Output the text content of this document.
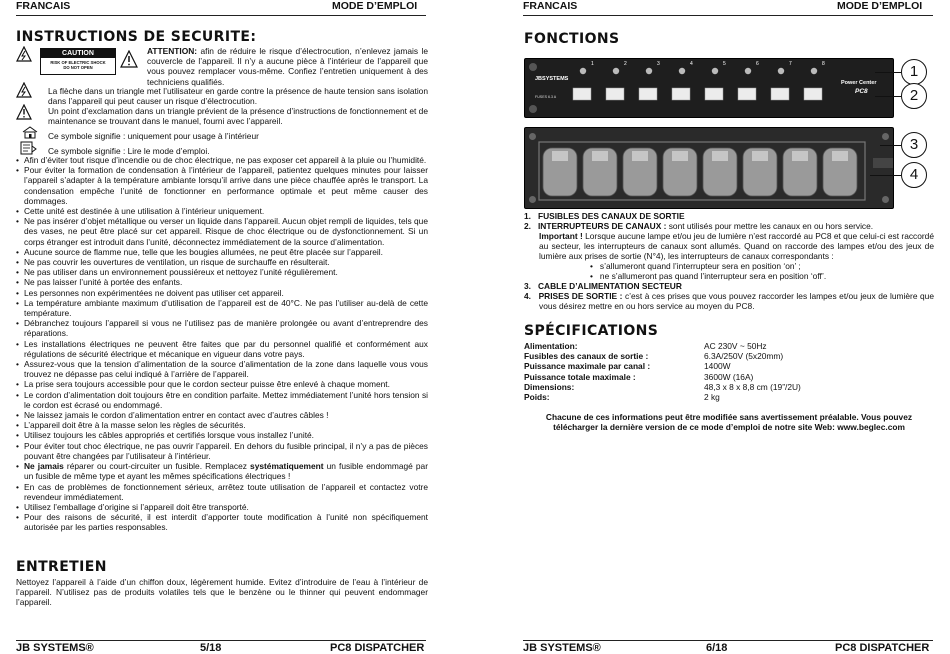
FRANCAIS	MODE D’EMPLOI
INSTRUCTIONS DE SECURITE:
CAUTION
RISK OF ELECTRIC SHOCK
DO NOT OPEN
ATTENTION: afin de réduire le risque d’électrocution, n’enlevez jamais le couvercle de l’appareil. Il n’y a aucune pièce à l’intérieur de l’appareil que vous pouvez remplacer vous-même. Confiez l’entretien uniquement à des techniciens qualifiés.
La flèche dans un triangle met l’utilisateur en garde contre la présence de haute tension sans isolation dans l’appareil qui peut causer un risque d’électrocution.
Un point d’exclamation dans un triangle prévient de la présence d’instructions de fonctionnement et de maintenance se trouvant dans le manuel, fourni avec l’appareil.
Ce symbole signifie : uniquement pour usage à l’intérieur
Ce symbole signifie : Lire le mode d’emploi.
• Afin d’éviter tout risque d’incendie ou de choc électrique, ne pas exposer cet appareil à la pluie ou l’humidité.
• Pour éviter la formation de condensation à l’intérieur de l’appareil, patientez quelques minutes pour laisser l’appareil s’adapter à la température ambiante lorsqu’il arrive dans une pièce chauffée après le transport. La condensation empêche l’unité de fonctionner en performance optimale et peut même causer des dommages.
• Cette unité est destinée à une utilisation à l’intérieur uniquement.
• Ne pas insérer d’objet métallique ou verser un liquide dans l’appareil. Aucun objet rempli de liquides, tels que des vases, ne peut être placé sur cet appareil. Risque de choc électrique ou de dysfonctionnement. Si un corps étranger est introduit dans l’unité, déconnectez immédiatement de la source d’alimentation.
• Aucune source de flamme nue, telle que les bougies allumées, ne peut être placée sur l’appareil.
• Ne pas couvrir les ouvertures de ventilation, un risque de surchauffe en résulterait.
• Ne pas utiliser dans un environnement poussiéreux et nettoyez l’unité régulièrement.
• Ne pas laisser l’unité à portée des enfants.
• Les personnes non expérimentées ne doivent pas utiliser cet appareil.
• La température ambiante maximum d’utilisation de l’appareil est de 40°C. Ne pas l’utiliser au-delà de cette température.
• Débranchez toujours l’appareil si vous ne l’utilisez pas de manière prolongée ou avant d’entreprendre des réparations.
• Les installations électriques ne peuvent être faites que par du personnel qualifié et conformément aux régulations de sécurité électrique et mécanique en vigueur dans votre pays.
• Assurez-vous que la tension d’alimentation de la source d’alimentation de la zone dans laquelle vous vous trouvez ne dépasse pas celui indiqué à l’arrière de l’appareil.
• La prise sera toujours accessible pour que le cordon secteur puisse être enlevé à chaque moment.
• Le cordon d’alimentation doit toujours être en condition parfaite. Mettez immédiatement l’unité hors tension si le cordon est écrasé ou endommagé.
• Ne laissez jamais le cordon d’alimentation entrer en contact avec d’autres câbles !
• L’appareil doit être à la masse selon les règles de sécurités.
• Utilisez toujours les câbles appropriés et certifiés lorsque vous installez l’unité.
• Pour éviter tout choc électrique, ne pas ouvrir l’appareil. En dehors du fusible principal, il n’y a pas de pièces pouvant être changées par l’utilisateur à l’intérieur.
• Ne jamais réparer ou court-circuiter un fusible. Remplacez systématiquement un fusible endommagé par un fusible de même type et ayant les mêmes spécifications électriques !
• En cas de problèmes de fonctionnement sérieux, arrêtez toute utilisation de l’appareil et contactez votre revendeur immédiatement.
• Utilisez l’emballage d’origine si l’appareil doit être transporté.
• Pour des raisons de sécurité, il est interdit d’apporter toute modification à l’unité non spécifiquement autorisée par les parties responsables.
ENTRETIEN
Nettoyez l’appareil à l’aide d’un chiffon doux, légèrement humide. Evitez d’introduire de l’eau à l’intérieur de l’appareil. N’utilisez pas de produits volatiles tels que le benzène ou le thinner qui peuvent endommager l’appareil.
JB SYSTEMS®	5/18	PC8 DISPATCHER
FRANCAIS	MODE D’EMPLOI
FONCTIONS
JBSYSTEMS
FUSES 6.3 A
Power Center
PC8
1	2	3	4	5	6	7	8	1
2
3
4
1. FUSIBLES DES CANAUX DE SORTIE
2. INTERRUPTEURS DE CANAUX : sont utilisés pour mettre les canaux en ou hors service.
Important ! Lorsque aucune lampe et/ou jeu de lumière n’est raccordé au PC8 et que celui-ci est raccordé au secteur, les interrupteurs de canaux sont allumés. Quand on raccorde des lampes et/ou des jeux de lumière aux prises de sortie (N°4), les interrupteurs de canaux correspondants :
•   s’allumeront quand l’interrupteur sera en position ‘on’ ;
•   ne s’allumeront pas quand l’interrupteur sera en position ‘off’.
3. CABLE D’ALIMENTATION SECTEUR
4. PRISES DE SORTIE : c’est à ces prises que vous pouvez raccorder les lampes et/ou jeux de lumière que vous désirez mettre en ou hors service au moyen du PC8.
SPÉCIFICATIONS
Alimentation:	AC 230V ~ 50Hz
Fusibles des canaux de sortie :	6.3A/250V (5x20mm)
Puissance maximale par canal :	1400W
Puissance totale maximale :	3600W (16A)
Dimensions:	48,3 x 8 x 8,8 cm (19”/2U)
Poids:	2 kg
Chacune de ces informations peut être modifiée sans avertissement préalable. Vous pouvez
télécharger la dernière version de ce mode d’emploi de notre site Web: www.beglec.com
JB SYSTEMS®	6/18	PC8 DISPATCHER
